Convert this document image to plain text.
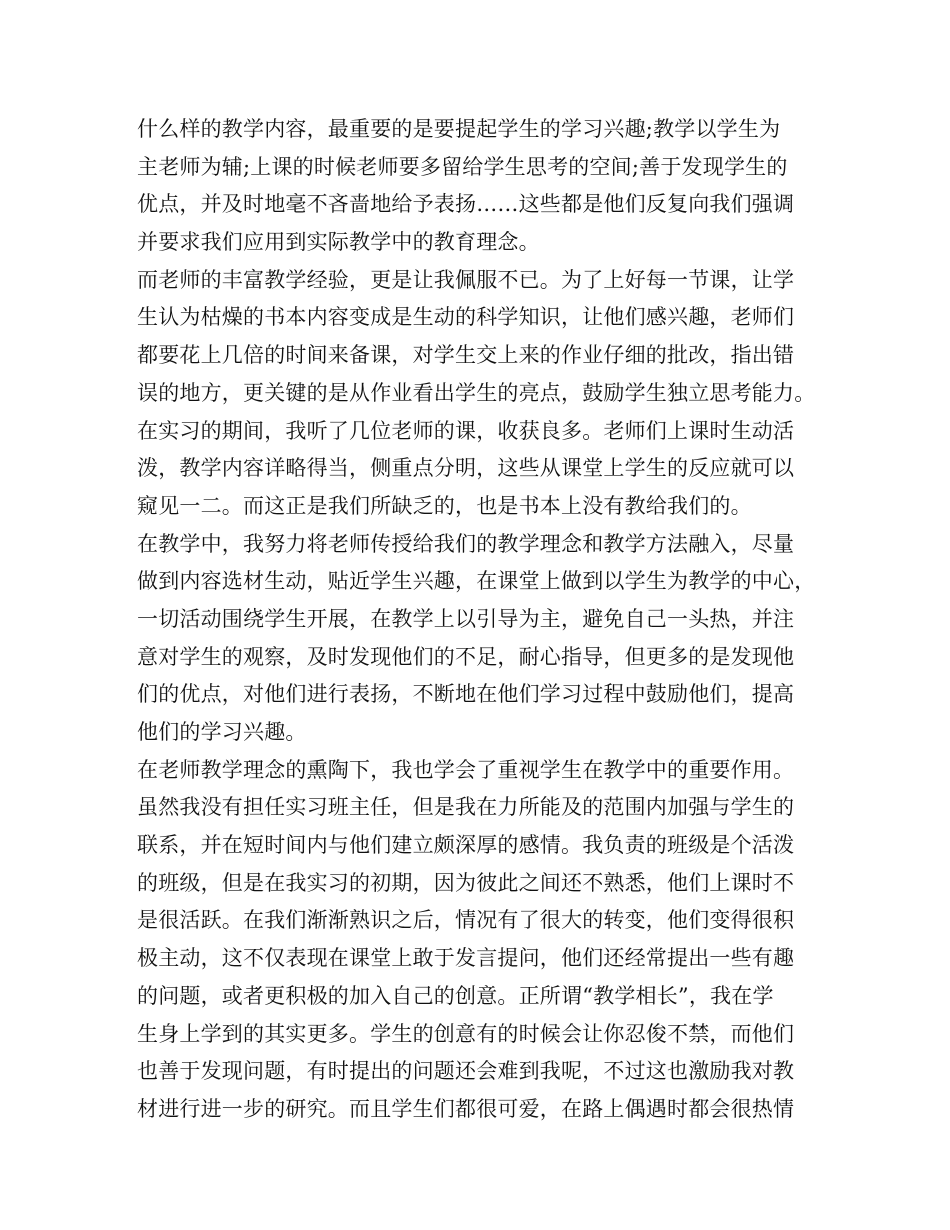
什么样的教学内容，最重要的是要提起学生的学习兴趣;教学以学生为
主老师为辅;上课的时候老师要多留给学生思考的空间;善于发现学生的
优点，并及时地毫不吝啬地给予表扬……这些都是他们反复向我们强调
并要求我们应用到实际教学中的教育理念。
而老师的丰富教学经验，更是让我佩服不已。为了上好每一节课，让学
生认为枯燥的书本内容变成是生动的科学知识，让他们感兴趣，老师们
都要花上几倍的时间来备课，对学生交上来的作业仔细的批改，指出错
误的地方，更关键的是从作业看出学生的亮点，鼓励学生独立思考能力。
在实习的期间，我听了几位老师的课，收获良多。老师们上课时生动活
泼，教学内容详略得当，侧重点分明，这些从课堂上学生的反应就可以
窥见一二。而这正是我们所缺乏的，也是书本上没有教给我们的。
在教学中，我努力将老师传授给我们的教学理念和教学方法融入，尽量
做到内容选材生动，贴近学生兴趣，在课堂上做到以学生为教学的中心，
一切活动围绕学生开展，在教学上以引导为主，避免自己一头热，并注
意对学生的观察，及时发现他们的不足，耐心指导，但更多的是发现他
们的优点，对他们进行表扬，不断地在他们学习过程中鼓励他们，提高
他们的学习兴趣。
在老师教学理念的熏陶下，我也学会了重视学生在教学中的重要作用。
虽然我没有担任实习班主任，但是我在力所能及的范围内加强与学生的
联系，并在短时间内与他们建立颇深厚的感情。我负责的班级是个活泼
的班级，但是在我实习的初期，因为彼此之间还不熟悉，他们上课时不
是很活跃。在我们渐渐熟识之后，情况有了很大的转变，他们变得很积
极主动，这不仅表现在课堂上敢于发言提问，他们还经常提出一些有趣
的问题，或者更积极的加入自己的创意。正所谓“教学相长”，我在学
生身上学到的其实更多。学生的创意有的时候会让你忍俊不禁，而他们
也善于发现问题，有时提出的问题还会难到我呢，不过这也激励我对教
材进行进一步的研究。而且学生们都很可爱，在路上偶遇时都会很热情
